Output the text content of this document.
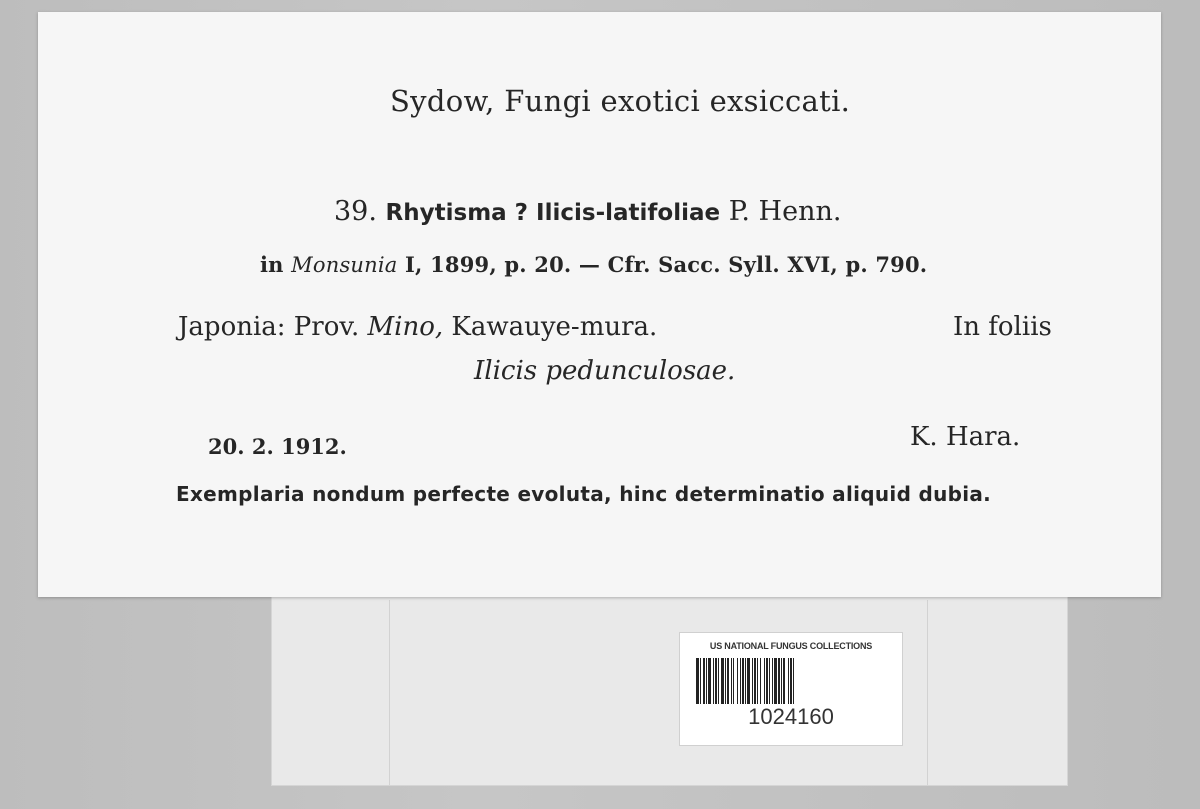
Sydow, Fungi exotici exsiccati.
39. Rhytisma ? Ilicis-latifoliae P. Henn.
in Monsunia I, 1899, p. 20. — Cfr. Sacc. Syll. XVI, p. 790.
Japonia: Prov. Mino, Kawauye-mura.	In foliis
Ilicis pedunculosae.
20. 2. 1912.	K. Hara.
Exemplaria nondum perfecte evoluta, hinc determinatio aliquid dubia.
US NATIONAL FUNGUS COLLECTIONS
1024160
